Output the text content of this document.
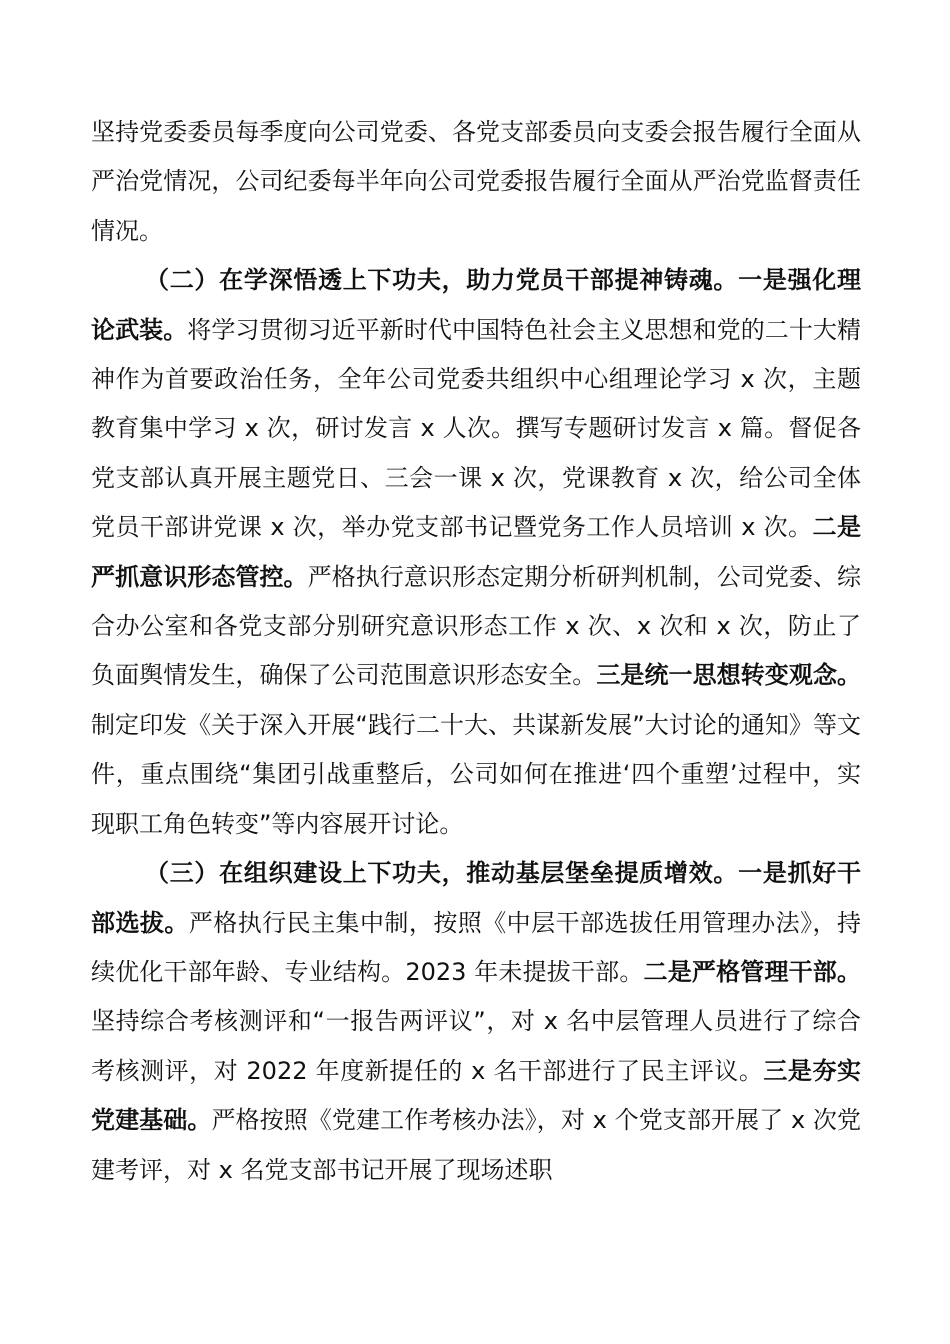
坚持党委委员每季度向公司党委、各党支部委员向支委会报告履行全面从严治党情况，公司纪委每半年向公司党委报告履行全面从严治党监督责任情况。

（二）在学深悟透上下功夫，助力党员干部提神铸魂。一是强化理论武装。将学习贯彻习近平新时代中国特色社会主义思想和党的二十大精神作为首要政治任务，全年公司党委共组织中心组理论学习 x 次，主题教育集中学习 x 次，研讨发言 x 人次。撰写专题研讨发言 x 篇。督促各党支部认真开展主题党日、三会一课 x 次，党课教育 x 次，给公司全体党员干部讲党课 x 次，举办党支部书记暨党务工作人员培训 x 次。二是严抓意识形态管控。严格执行意识形态定期分析研判机制，公司党委、综合办公室和各党支部分别研究意识形态工作 x 次、x 次和 x 次，防止了负面舆情发生，确保了公司范围意识形态安全。三是统一思想转变观念。制定印发《关于深入开展“践行二十大、共谋新发展”大讨论的通知》等文件，重点围绕“集团引战重整后，公司如何在推进‘四个重塑’过程中，实现职工角色转变”等内容展开讨论。

（三）在组织建设上下功夫，推动基层堡垒提质增效。一是抓好干部选拔。严格执行民主集中制，按照《中层干部选拔任用管理办法》，持续优化干部年龄、专业结构。2023 年未提拔干部。二是严格管理干部。坚持综合考核测评和“一报告两评议”，对 x 名中层管理人员进行了综合考核测评，对 2022 年度新提任的 x 名干部进行了民主评议。三是夯实党建基础。严格按照《党建工作考核办法》，对 x 个党支部开展了 x 次党建考评，对 x 名党支部书记开展了现场述职
